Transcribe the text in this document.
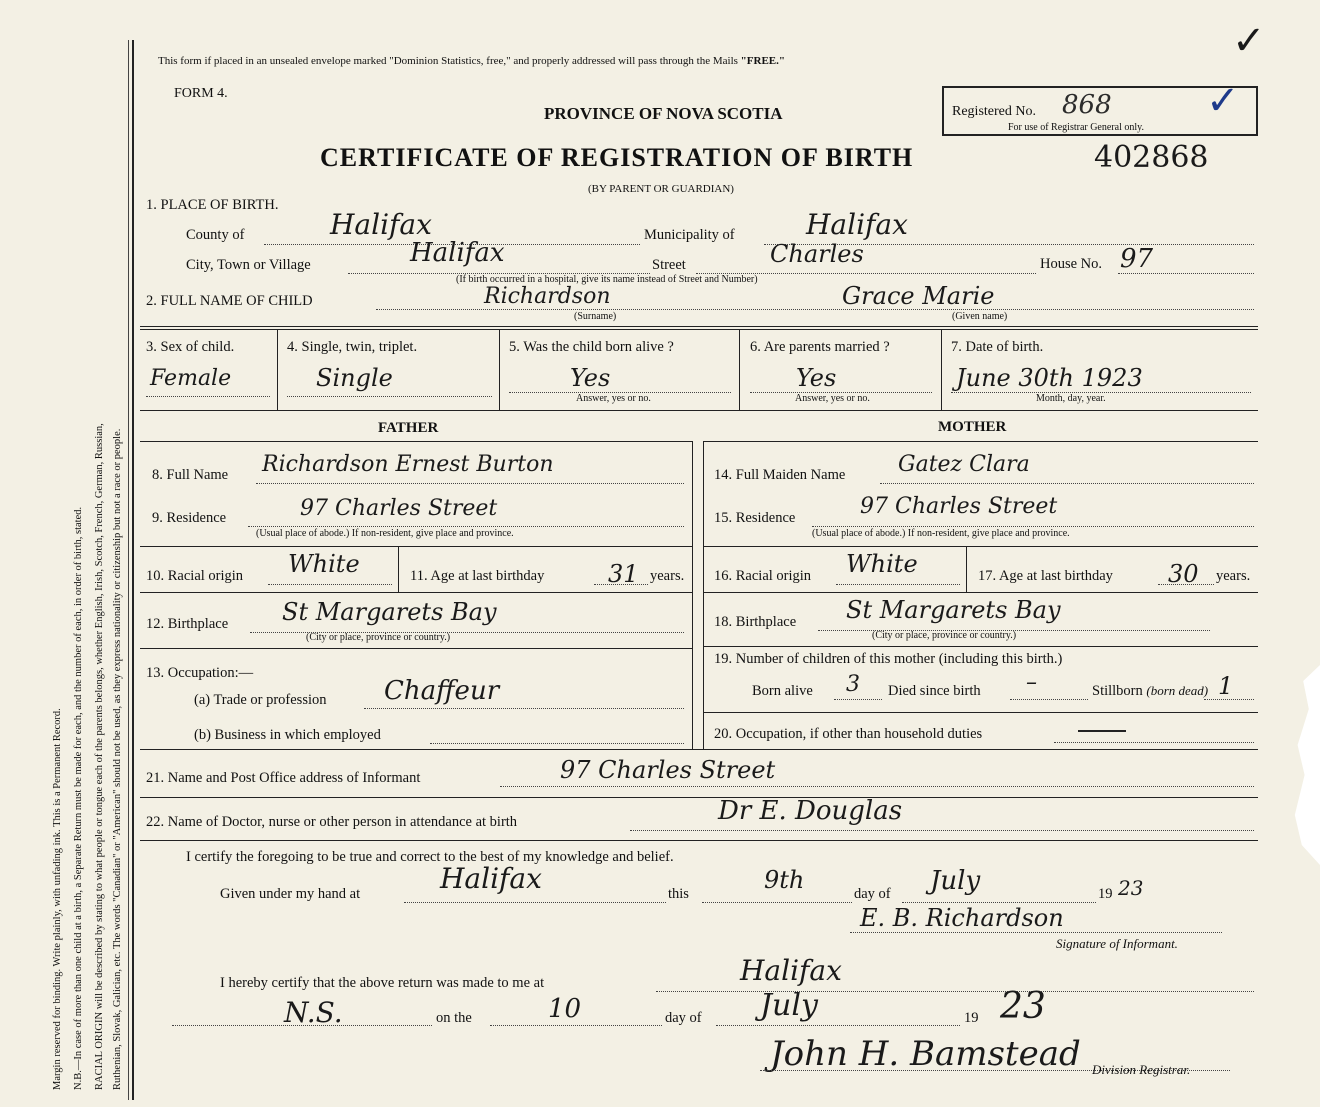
Margin reserved for binding. Write plainly, with unfading ink. This is a Permanent Record. N.B.—In case of more than one child at a birth, a Separate Return must be made for each, and the number of each, in order of birth, stated. RACIAL ORIGIN will be described by stating to what people or tongue each of the parents belongs, whether English, Irish, Scotch, French, German, Russian, Ruthenian, Slovak, Galician, etc. The words "Canadian" or "American" should not be used, as they express nationality or citizenship but not a race or people.
This form if placed in an unsealed envelope marked "Dominion Statistics, free," and properly addressed will pass through the Mails "FREE."	✓
FORM 4.
PROVINCE OF NOVA SCOTIA	Registered No. 868
For use of Registrar General only.
✓
CERTIFICATE OF REGISTRATION OF BIRTH	402868
(BY PARENT OR GUARDIAN)
1. PLACE OF BIRTH.
County of	Halifax	Municipality of	Halifax
City, Town or Village	Halifax	Street	Charles	House No. 97
(If birth occurred in a hospital, give its name instead of Street and Number)
2. FULL NAME OF CHILD	Richardson	Grace Marie
(Surname)	(Given name)
3. Sex of child.
Female
4. Single, twin, triplet.
Single
5. Was the child born alive ?
Yes
Answer, yes or no.
6. Are parents married ?
Yes
Answer, yes or no.
7. Date of birth.
June 30th 1923
Month, day, year.
FATHER	MOTHER
8. Full Name Richardson Ernest Burton
9. Residence	97 Charles Street
(Usual place of abode.) If non-resident, give place and province.
10. Racial origin White	11. Age at last birthday	31 years.
12. Birthplace St Margarets Bay
(City or place, province or country.)
13. Occupation:—
(a) Trade or profession Chaffeur
(b) Business in which employed
14. Full Maiden Name Gatez Clara
15. Residence	97 Charles Street
(Usual place of abode.) If non-resident, give place and province.
16. Racial origin White	17. Age at last birthday 30 years.
18. Birthplace St Margarets Bay
(City or place, province or country.)
19. Number of children of this mother (including this birth.)
Born alive 3 Died since birth –	Stillborn (born dead) 1
20. Occupation, if other than household duties
21. Name and Post Office address of Informant	97 Charles Street
22. Name of Doctor, nurse or other person in attendance at birth	Dr E. Douglas
I certify the foregoing to be true and correct to the best of my knowledge and belief.
Given under my hand at	Halifax	this	9th	day of July	19 23
E. B. Richardson
Signature of Informant.
I hereby certify that the above return was made to me at	Halifax
N.S.	on the	10	day of July	19 23
John H. Bamstead Division Registrar.
